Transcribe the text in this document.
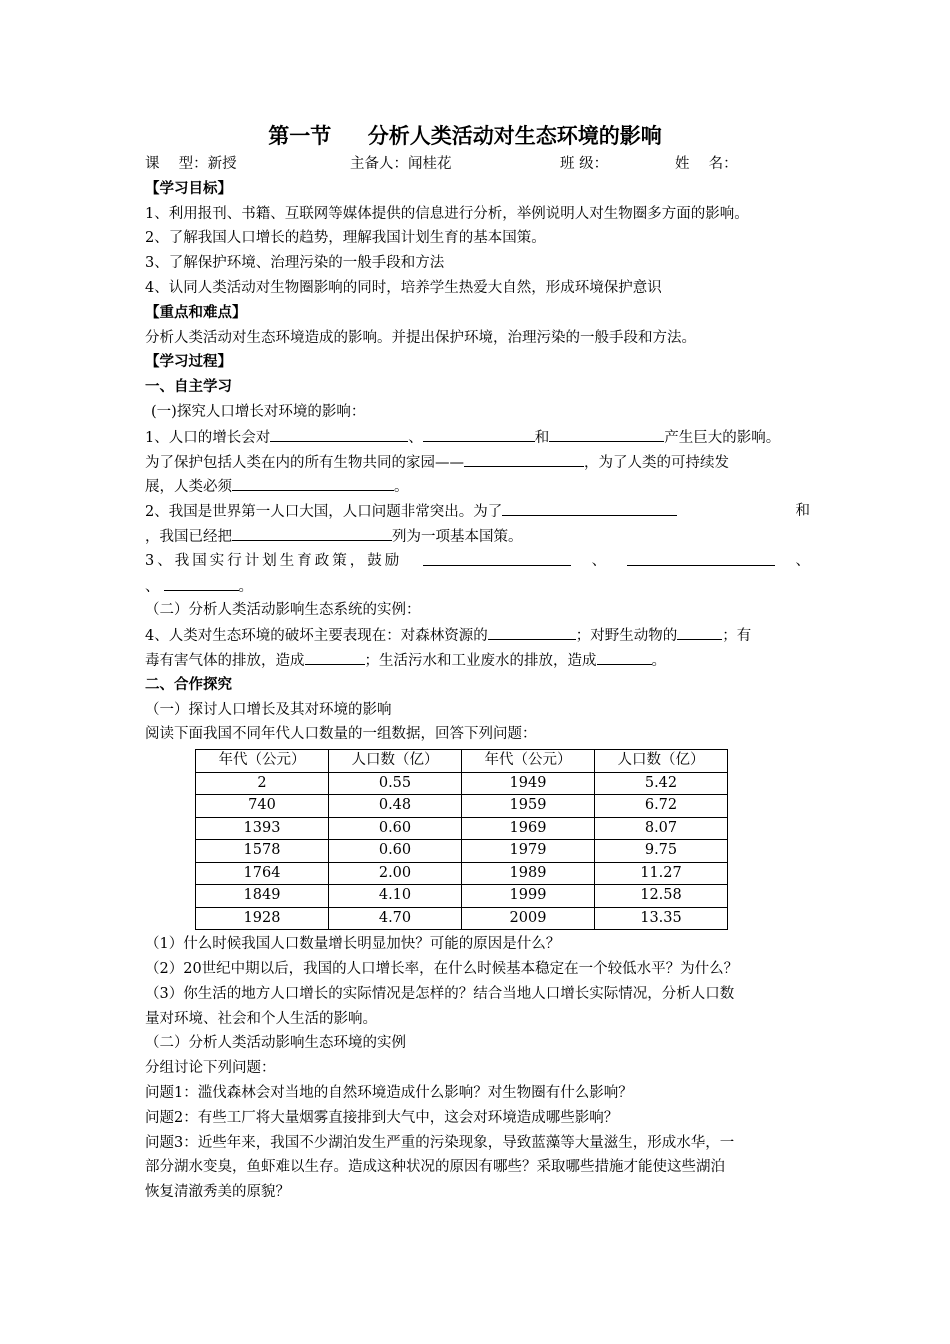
第一节 分析人类活动对生态环境的影响
课　 型：新授	主备人：闻桂花	班 级：	姓　 名：
【学习目标】
1、利用报刊、书籍、互联网等媒体提供的信息进行分析，举例说明人对生物圈多方面的影响。
2、了解我国人口增长的趋势，理解我国计划生育的基本国策。
3、了解保护环境、治理污染的一般手段和方法
4、认同人类活动对生物圈影响的同时，培养学生热爱大自然，形成环境保护意识
【重点和难点】
分析人类活动对生态环境造成的影响。并提出保护环境，治理污染的一般手段和方法。
【学习过程】
一、自主学习
(一)探究人口增长对环境的影响：
1、人口的增长会对	、	和	产生巨大的影响。
为了保护包括人类在内的所有生物共同的家园——	，为了人类的可持续发
展，人类必须	。
2、我国是世界第一人口大国，人口问题非常突出。为了	和
，我国已经把	列为一项基本国策。
3、我国实行计划生育政策，鼓励	、	、
、	。
（二）分析人类活动影响生态系统的实例：
4、人类对生态环境的破坏主要表现在：对森林资源的	；对野生动物的	；有
毒有害气体的排放，造成	；生活污水和工业废水的排放，造成	。
二、合作探究
（一）探讨人口增长及其对环境的影响
阅读下面我国不同年代人口数量的一组数据，回答下列问题：
年代（公元）	人口数（亿）	年代（公元）	人口数（亿）
2	0.55	1949	5.42
740	0.48	1959	6.72
1393	0.60	1969	8.07
1578	0.60	1979	9.75
1764	2.00	1989	11.27
1849	4.10	1999	12.58
1928	4.70	2009	13.35
（1）什么时候我国人口数量增长明显加快？可能的原因是什么？
（2）20世纪中期以后，我国的人口增长率，在什么时候基本稳定在一个较低水平？为什么？
（3）你生活的地方人口增长的实际情况是怎样的？结合当地人口增长实际情况，分析人口数
量对环境、社会和个人生活的影响。
（二）分析人类活动影响生态环境的实例
分组讨论下列问题：
问题1：滥伐森林会对当地的自然环境造成什么影响？对生物圈有什么影响？
问题2：有些工厂将大量烟雾直接排到大气中，这会对环境造成哪些影响？
问题3：近些年来，我国不少湖泊发生严重的污染现象，导致蓝藻等大量滋生，形成水华，一
部分湖水变臭，鱼虾难以生存。造成这种状况的原因有哪些？采取哪些措施才能使这些湖泊
恢复清澈秀美的原貌？
